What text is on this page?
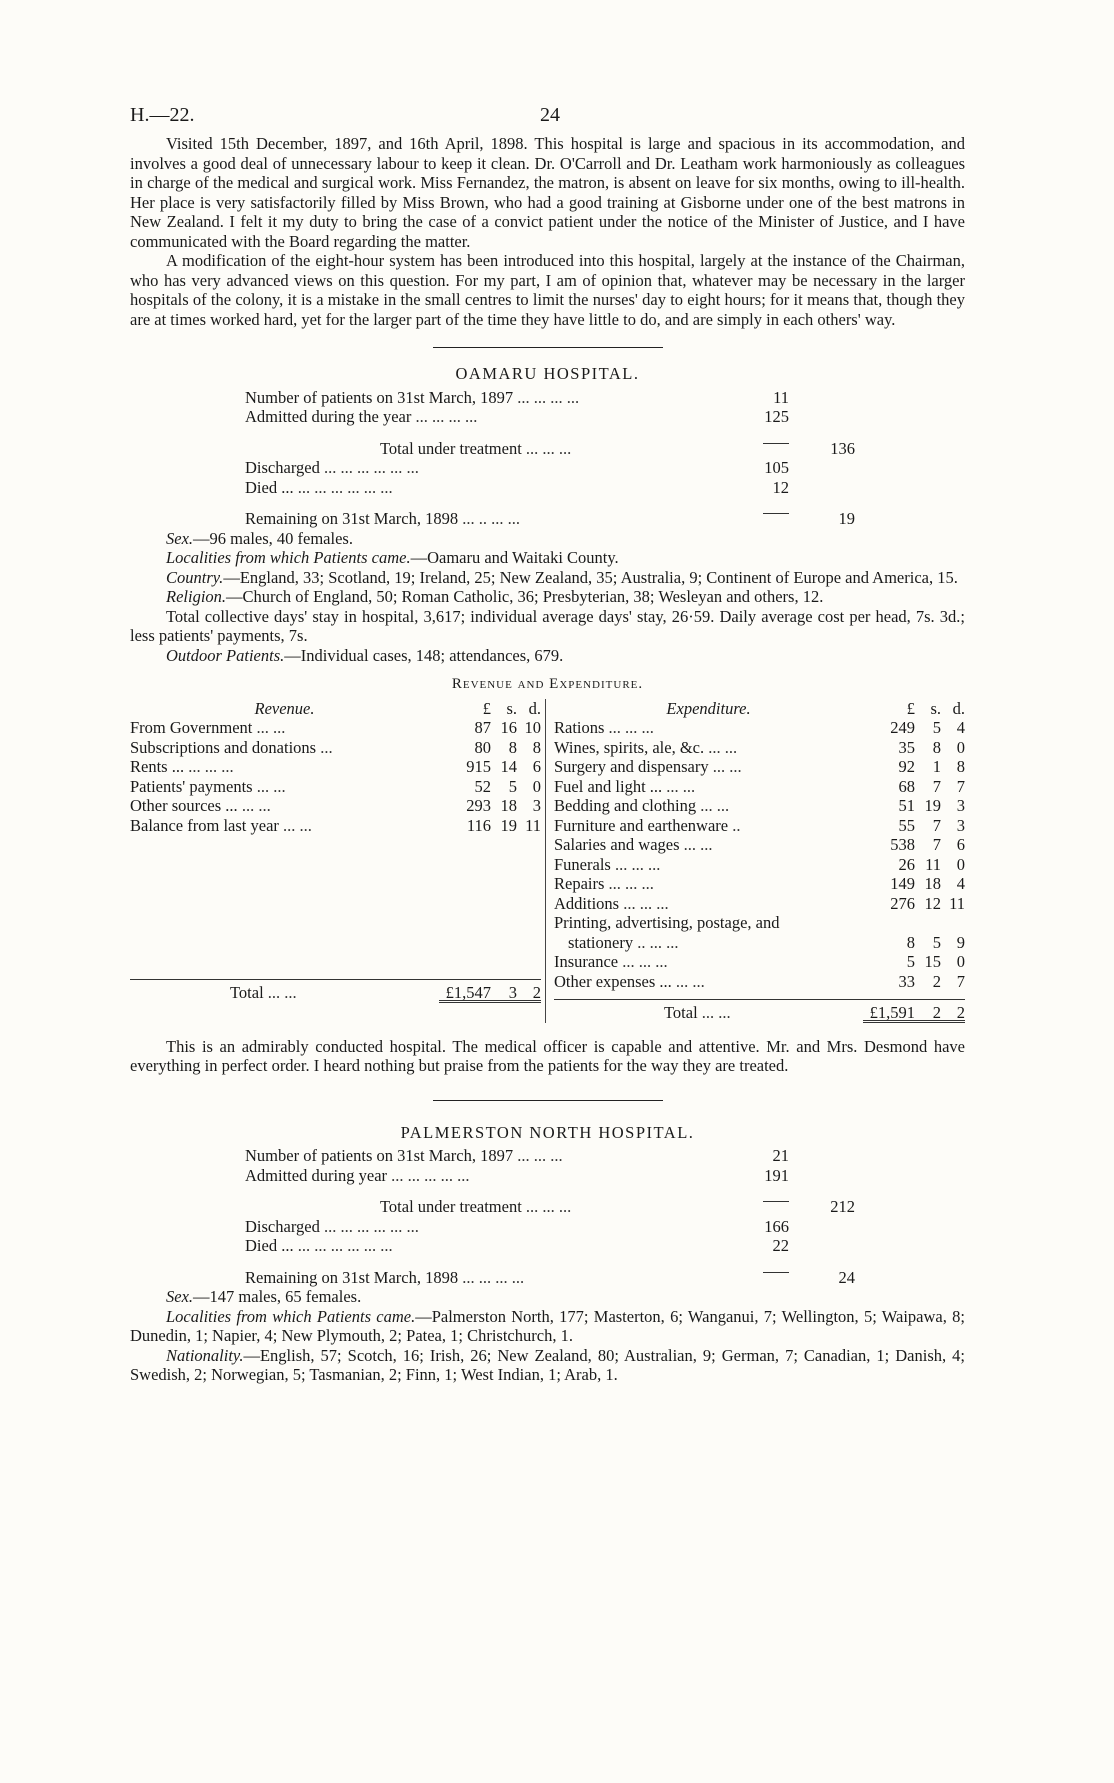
H.—22.	24

Visited 15th December, 1897, and 16th April, 1898. This hospital is large and spacious in its accommodation, and involves a good deal of unnecessary labour to keep it clean. Dr. O'Carroll and Dr. Leatham work harmoniously as colleagues in charge of the medical and surgical work. Miss Fernandez, the matron, is absent on leave for six months, owing to ill-health. Her place is very satisfactorily filled by Miss Brown, who had a good training at Gisborne under one of the best matrons in New Zealand. I felt it my duty to bring the case of a convict patient under the notice of the Minister of Justice, and I have communicated with the Board regarding the matter.

A modification of the eight-hour system has been introduced into this hospital, largely at the instance of the Chairman, who has very advanced views on this question. For my part, I am of opinion that, whatever may be necessary in the larger hospitals of the colony, it is a mistake in the small centres to limit the nurses' day to eight hours; for it means that, though they are at times worked hard, yet for the larger part of the time they have little to do, and are simply in each others' way.

OAMARU HOSPITAL.
Number of patients on 31st March, 1897 ... ... ... ...	11
Admitted during the year ... ... ... ...	125
Total under treatment ... ... ...	136
Discharged ... ... ... ... ... ...	105
Died ... ... ... ... ... ... ...	12
Remaining on 31st March, 1898 ... .. ... ...	19

Sex.—96 males, 40 females.

Localities from which Patients came.—Oamaru and Waitaki County.

Country.—England, 33; Scotland, 19; Ireland, 25; New Zealand, 35; Australia, 9; Continent of Europe and America, 15.

Religion.—Church of England, 50; Roman Catholic, 36; Presbyterian, 38; Wesleyan and others, 12.

Total collective days' stay in hospital, 3,617; individual average days' stay, 26·59. Daily average cost per head, 7s. 3d.; less patients' payments, 7s.

Outdoor Patients.—Individual cases, 148; attendances, 679.

Revenue and Expenditure.
Revenue.	£ s. d.
From Government ... ...	87 16 10
Subscriptions and donations ...	80	8 8
Rents ... ... ... ...	915 14 6
Patients' payments ... ...	52	5 0
Other sources ... ... ...	293 18 3
Balance from last year ... ...	116 19 11
Total ... ...	£1,547	3 2
Expenditure.	£ s. d.
Rations ... ... ...	249	5 4
Wines, spirits, ale, &c. ... ...	35	8 0
Surgery and dispensary ... ...	92	1 8
Fuel and light ... ... ...	68	7 7
Bedding and clothing ... ...	51 19 3
Furniture and earthenware ..	55	7 3
Salaries and wages ... ...	538	7 6
Funerals ... ... ...	26 11 0
Repairs ... ... ...	149 18 4
Additions ... ... ...	276 12 11
Printing, advertising, postage, and
stationery .. ... ...	8	5 9
Insurance ... ... ...	5 15 0
Other expenses ... ... ...	33	2 7
Total ... ...	£1,591	2 2

This is an admirably conducted hospital. The medical officer is capable and attentive. Mr. and Mrs. Desmond have everything in perfect order. I heard nothing but praise from the patients for the way they are treated.

PALMERSTON NORTH HOSPITAL.
Number of patients on 31st March, 1897 ... ... ...	21
Admitted during year ... ... ... ... ...	191
Total under treatment ... ... ...	212
Discharged ... ... ... ... ... ...	166
Died ... ... ... ... ... ... ...	22
Remaining on 31st March, 1898 ... ... ... ...	24

Sex.—147 males, 65 females.

Localities from which Patients came.—Palmerston North, 177; Masterton, 6; Wanganui, 7; Wellington, 5; Waipawa, 8; Dunedin, 1; Napier, 4; New Plymouth, 2; Patea, 1; Christchurch, 1.

Nationality.—English, 57; Scotch, 16; Irish, 26; New Zealand, 80; Australian, 9; German, 7; Canadian, 1; Danish, 4; Swedish, 2; Norwegian, 5; Tasmanian, 2; Finn, 1; West Indian, 1; Arab, 1.
